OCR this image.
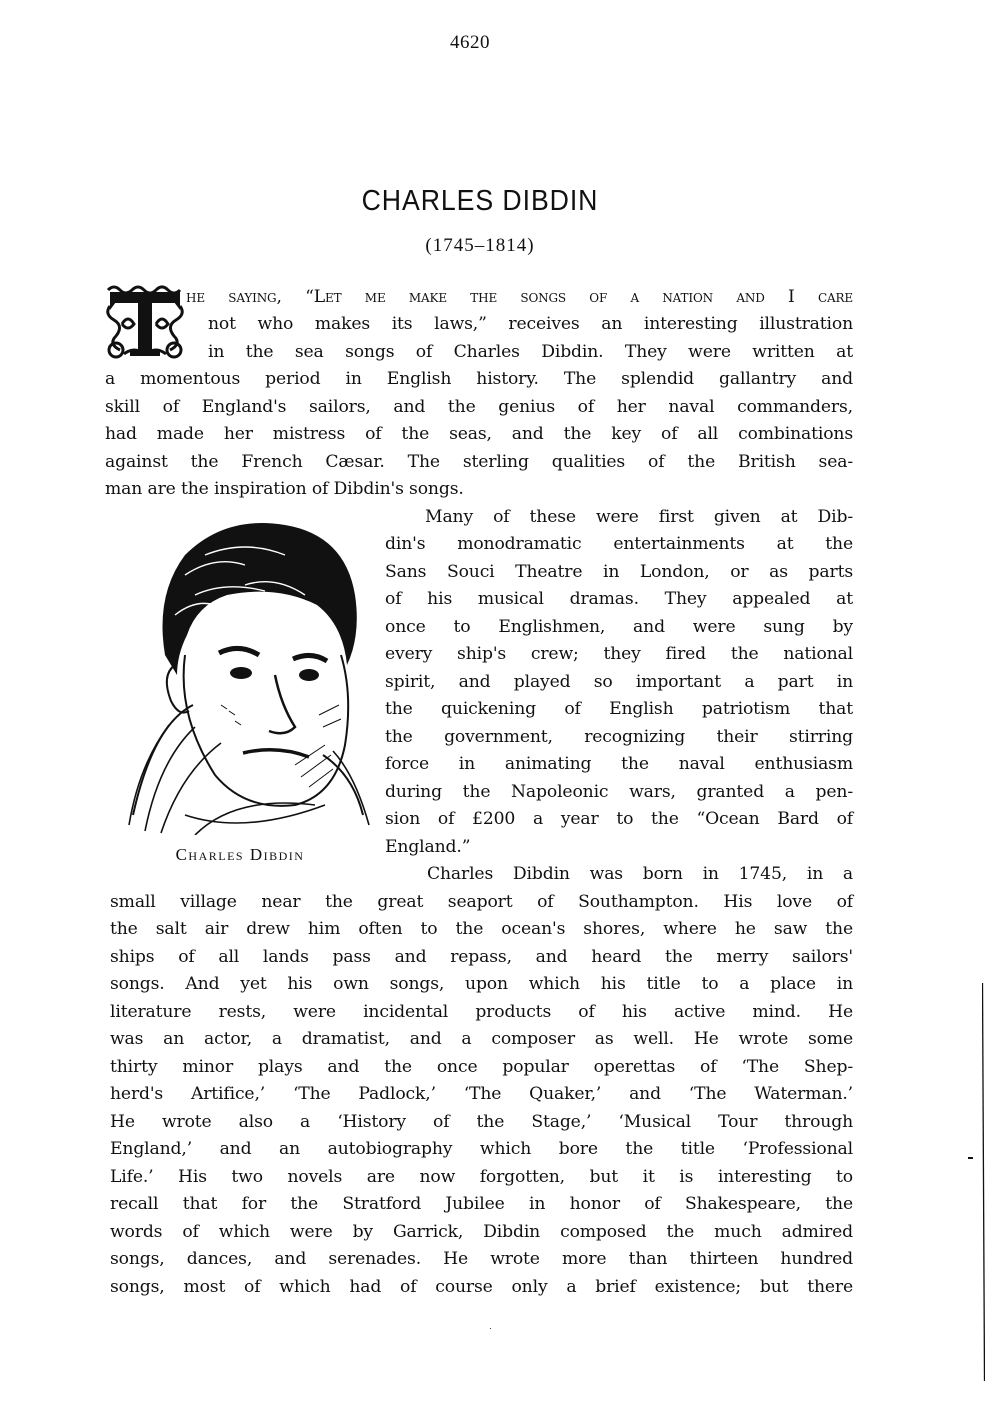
4620
CHARLES DIBDIN
(1745–1814)
he saying, “Let me make the songs of a nation and I care
not who makes its laws,” receives an interesting illustration
in the sea songs of Charles Dibdin. They were written at
a momentous period in English history. The splendid gallantry and
skill of England's sailors, and the genius of her naval commanders,
had made her mistress of the seas, and the key of all combinations
against the French Cæsar. The sterling qualities of the British sea-
man are the inspiration of Dibdin's songs.
Charles Dibdin
Many of these were first given at Dib-
din's monodramatic entertainments at the
Sans Souci Theatre in London, or as parts
of his musical dramas. They appealed at
once to Englishmen, and were sung by
every ship's crew; they fired the national
spirit, and played so important a part in
the quickening of English patriotism that
the government, recognizing their stirring
force in animating the naval enthusiasm
during the Napoleonic wars, granted a pen-
sion of £200 a year to the “Ocean Bard of
England.”
Charles Dibdin was born in 1745, in a
small village near the great seaport of Southampton. His love of
the salt air drew him often to the ocean's shores, where he saw the
ships of all lands pass and repass, and heard the merry sailors'
songs. And yet his own songs, upon which his title to a place in
literature rests, were incidental products of his active mind. He
was an actor, a dramatist, and a composer as well. He wrote some
thirty minor plays and the once popular operettas of ‘The Shep-
herd's Artifice,’ ‘The Padlock,’ ‘The Quaker,’ and ‘The Waterman.’
He wrote also a ‘History of the Stage,’ ‘Musical Tour through
England,’ and an autobiography which bore the title ‘Professional
Life.’ His two novels are now forgotten, but it is interesting to
recall that for the Stratford Jubilee in honor of Shakespeare, the
words of which were by Garrick, Dibdin composed the much admired
songs, dances, and serenades. He wrote more than thirteen hundred
songs, most of which had of course only a brief existence; but there
